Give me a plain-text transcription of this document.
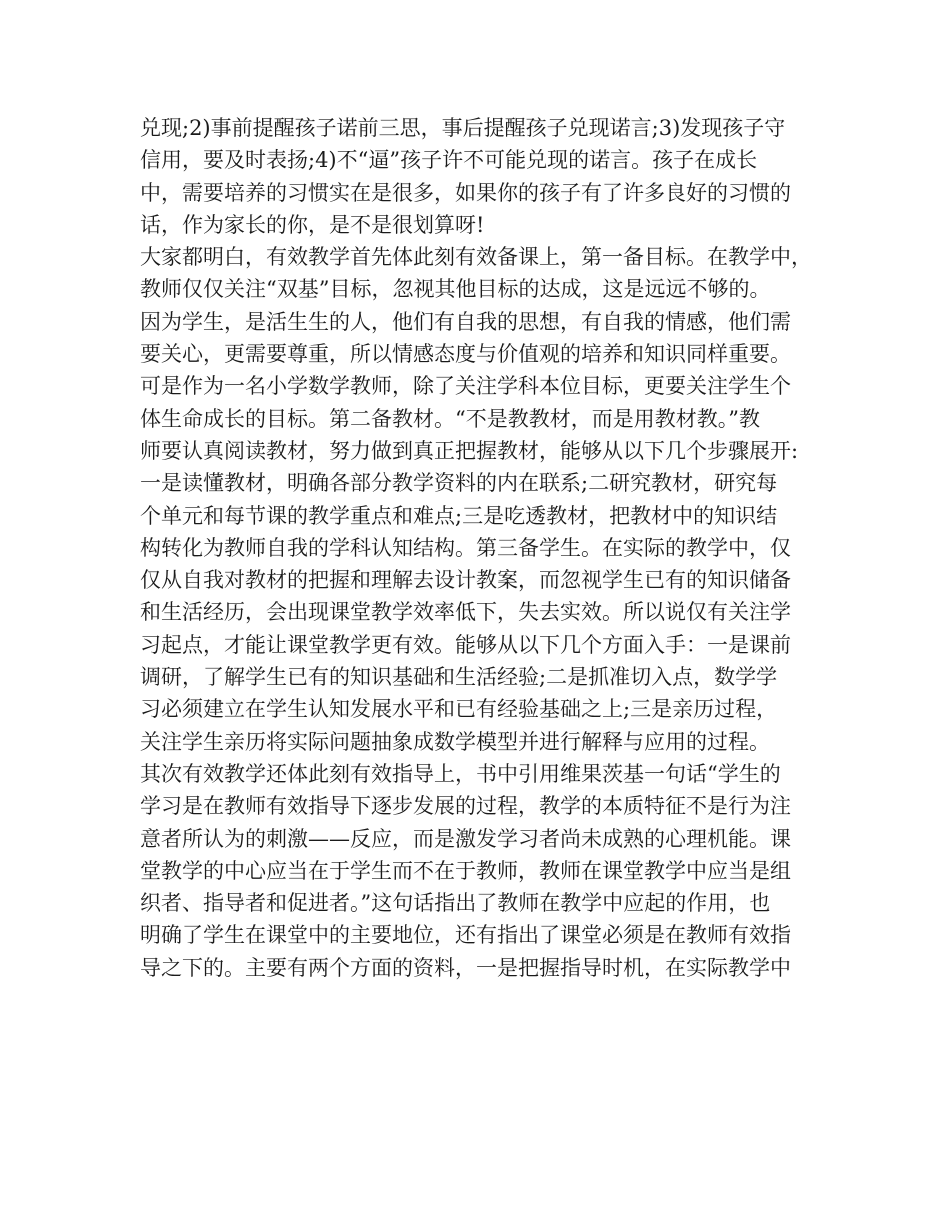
兑现;2)事前提醒孩子诺前三思，事后提醒孩子兑现诺言;3)发现孩子守
信用，要及时表扬;4)不“逼”孩子许不可能兑现的诺言。孩子在成长
中，需要培养的习惯实在是很多，如果你的孩子有了许多良好的习惯的
话，作为家长的你，是不是很划算呀!
大家都明白，有效教学首先体此刻有效备课上，第一备目标。在教学中，
教师仅仅关注“双基”目标，忽视其他目标的达成，这是远远不够的。
因为学生，是活生生的人，他们有自我的思想，有自我的情感，他们需
要关心，更需要尊重，所以情感态度与价值观的培养和知识同样重要。
可是作为一名小学数学教师，除了关注学科本位目标，更要关注学生个
体生命成长的目标。第二备教材。“不是教教材，而是用教材教。”教
师要认真阅读教材，努力做到真正把握教材，能够从以下几个步骤展开:
一是读懂教材，明确各部分教学资料的内在联系;二研究教材，研究每
个单元和每节课的教学重点和难点;三是吃透教材，把教材中的知识结
构转化为教师自我的学科认知结构。第三备学生。在实际的教学中，仅
仅从自我对教材的把握和理解去设计教案，而忽视学生已有的知识储备
和生活经历，会出现课堂教学效率低下，失去实效。所以说仅有关注学
习起点，才能让课堂教学更有效。能够从以下几个方面入手：一是课前
调研，了解学生已有的知识基础和生活经验;二是抓准切入点，数学学
习必须建立在学生认知发展水平和已有经验基础之上;三是亲历过程，
关注学生亲历将实际问题抽象成数学模型并进行解释与应用的过程。
其次有效教学还体此刻有效指导上，书中引用维果茨基一句话“学生的
学习是在教师有效指导下逐步发展的过程，教学的本质特征不是行为注
意者所认为的刺激——反应，而是激发学习者尚未成熟的心理机能。课
堂教学的中心应当在于学生而不在于教师，教师在课堂教学中应当是组
织者、指导者和促进者。”这句话指出了教师在教学中应起的作用，也
明确了学生在课堂中的主要地位，还有指出了课堂必须是在教师有效指
导之下的。主要有两个方面的资料，一是把握指导时机，在实际教学中
